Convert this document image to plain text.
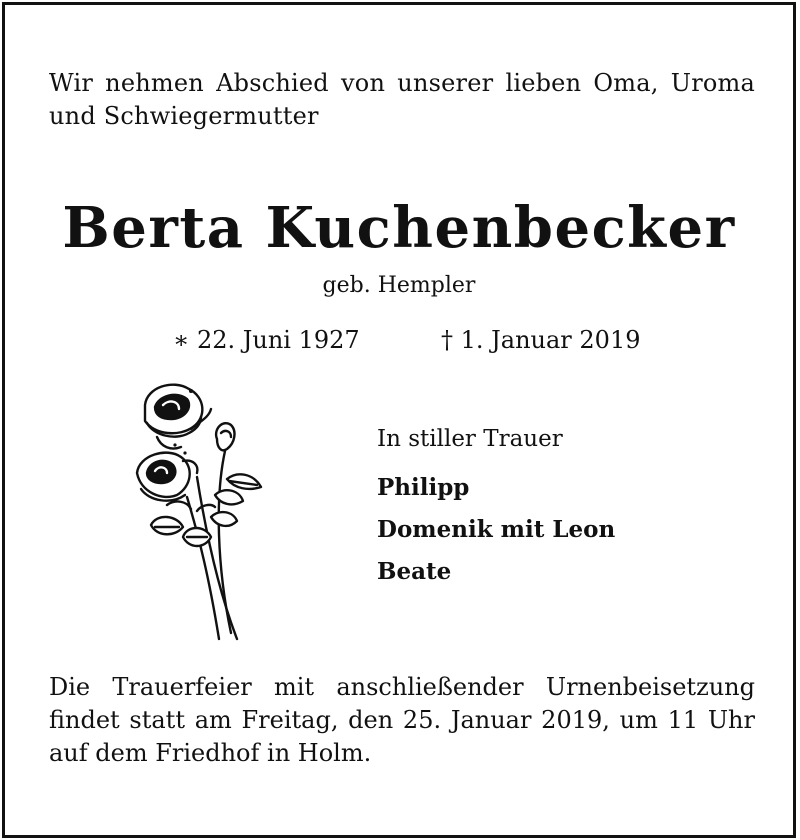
Wir nehmen Abschied von unserer lieben Oma, Uroma und Schwiegermutter
Berta Kuchenbecker
geb. Hempler
∗ 22. Juni 1927	† 1. Januar 2019
In stiller Trauer
Philipp
Domenik mit Leon
Beate
Die Trauerfeier mit anschließender Urnenbeisetzung findet statt am Freitag, den 25. Januar 2019, um 11 Uhr auf dem Friedhof in Holm.
